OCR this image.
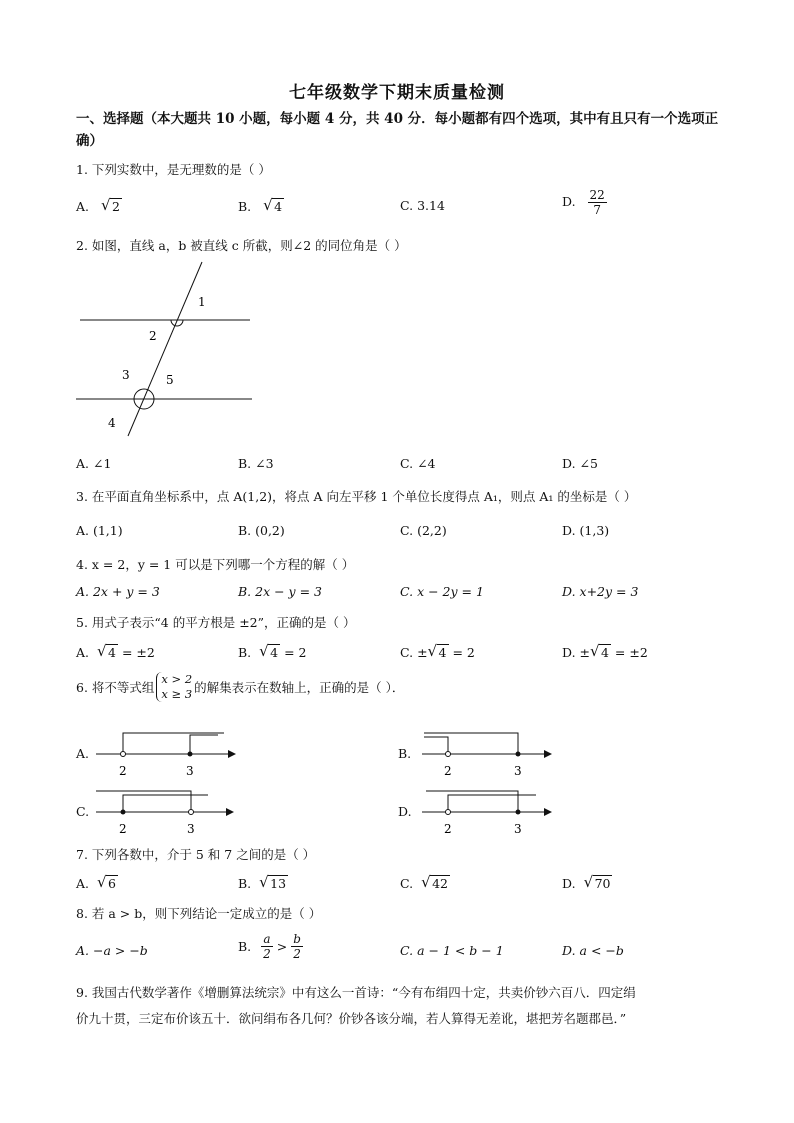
七年级数学下期末质量检测
一、选择题（本大题共 10 小题，每小题 4 分，共 40 分．每小题都有四个选项，其中有且只有一个选项正确）
1. 下列实数中，是无理数的是（ ）
A. √ 2	B. √ 4	C. 3.14	D. $\frac{22}{7}$
2. 如图，直线 a，b 被直线 c 所截，则∠2 的同位角是（ ）
1
2
3	5
4
A. ∠1	B. ∠3	C. ∠4	D. ∠5
3. 在平面直角坐标系中，点 A(1,2)，将点 A 向左平移 1 个单位长度得点 A₁，则点 A₁ 的坐标是（ ）
A. (1,1)	B. (0,2)	C. (2,2)	D. (1,3)
4. x = 2，y = 1 可以是下列哪一个方程的解（ ）
A. 2x + y = 3	B. 2x − y = 3	C. x − 2y = 1	D. x+2y = 3
5. 用式子表示“4 的平方根是 ±2”，正确的是（ ）
A. √ 4 = ±2	B. √ 4 = 2	C. ± √ 4 = 2	D. ± √ 4 = ±2
6. 将不等式组x > 2
x ≥ 3 的解集表示在数轴上，正确的是（ ）．
A.
2	3
B.
2	3
C.
2	3
D.
2	3
7. 下列各数中，介于 5 和 7 之间的是（ ）
A. √ 6	B. √ 13	C. √ 42	D. √ 70
8. 若 a > b，则下列结论一定成立的是（ ）
A. −a > −b	B. $\frac{a}{2} > \frac{b}{2}$	C. a − 1 < b − 1	D. a < −b
9. 我国古代数学著作《增删算法统宗》中有这么一首诗：“今有布绢四十定，共卖价钞六百八．四定绢
价九十贯，三定布价该五十．欲问绢布各几何？价钞各该分端，若人算得无差讹，堪把芳名题郡邑．”
